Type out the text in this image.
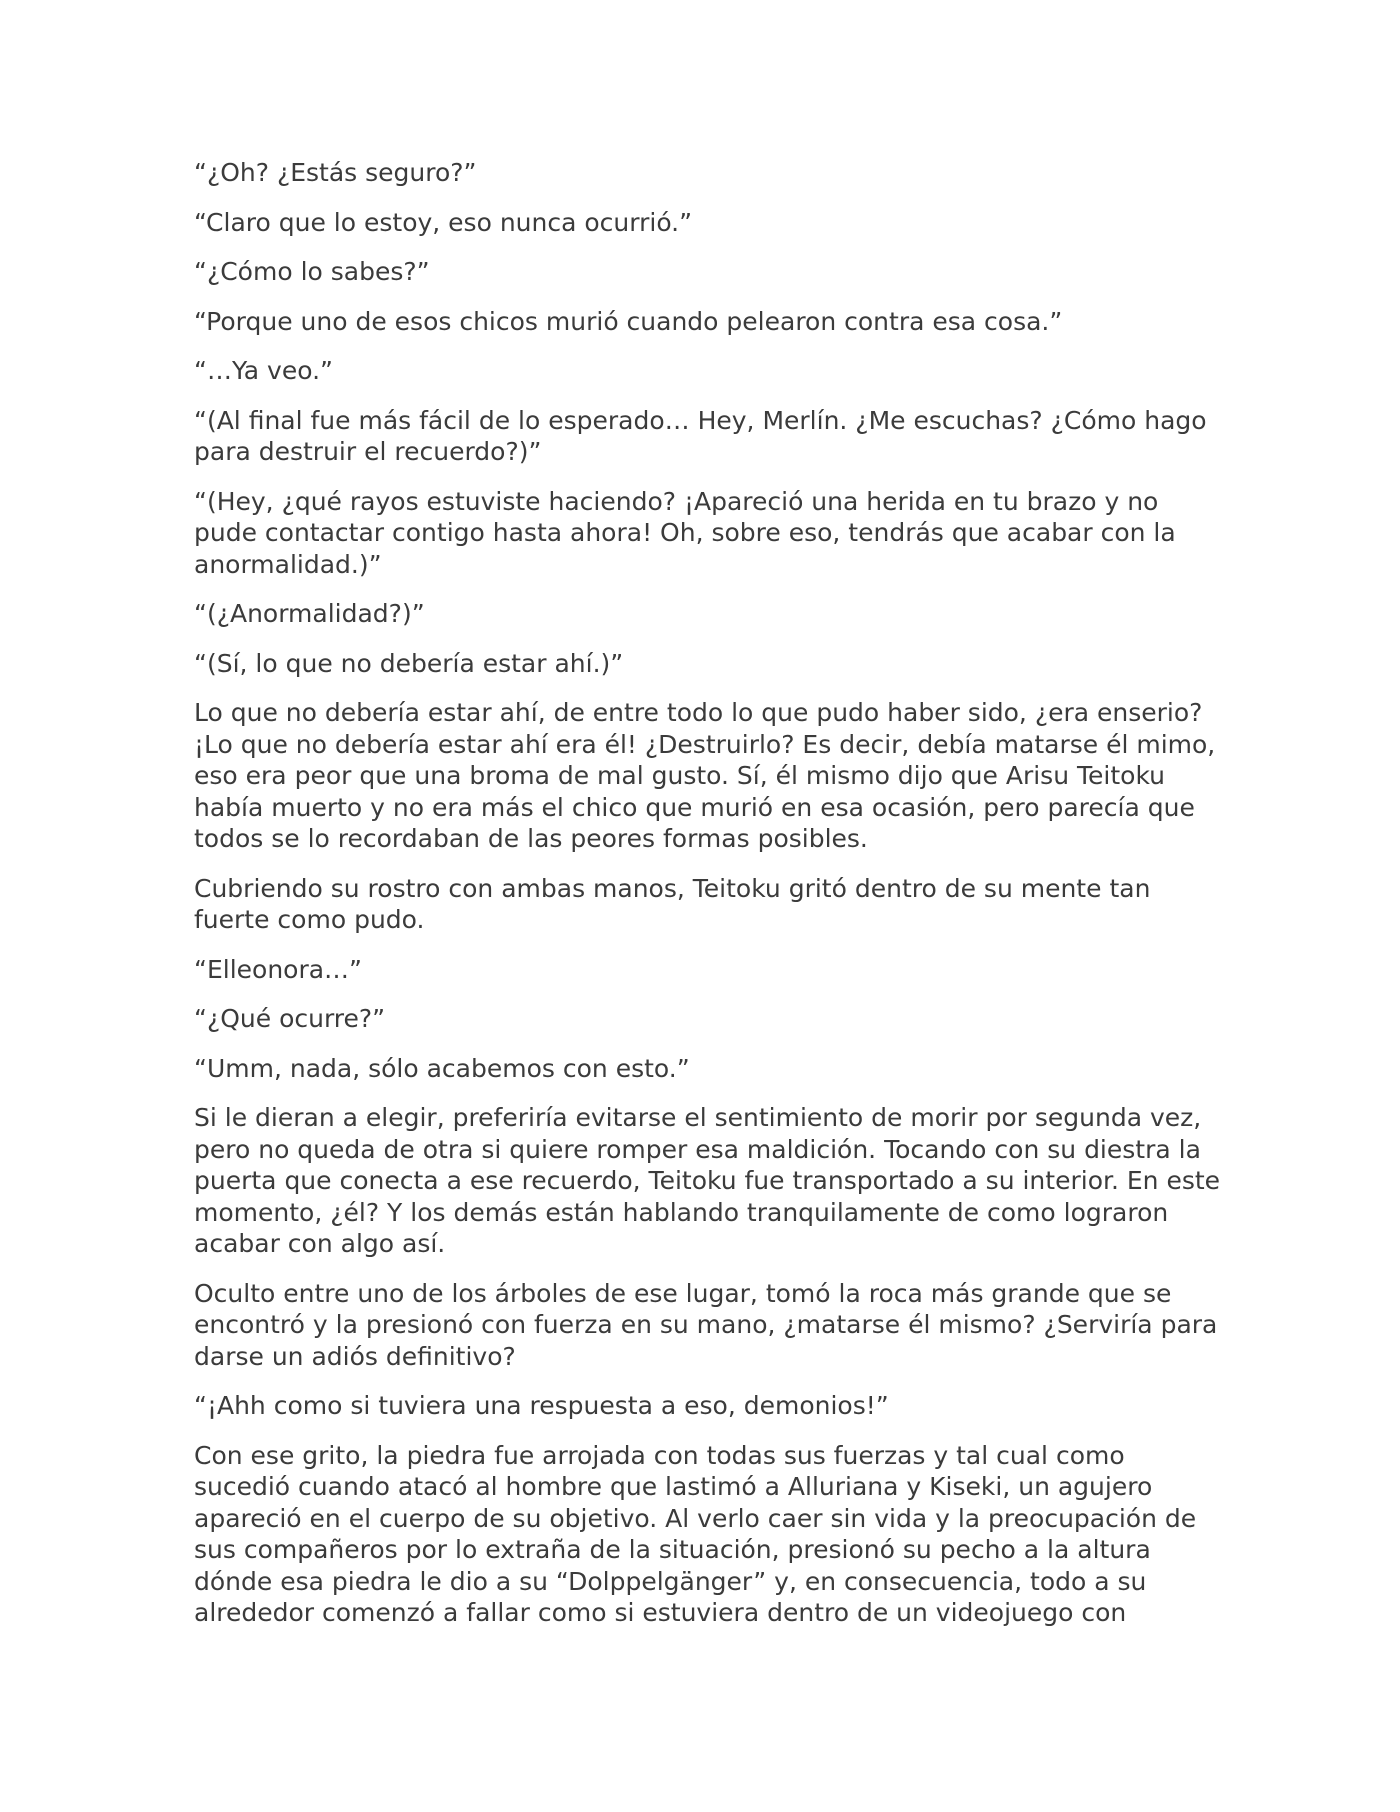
“¿Oh? ¿Estás seguro?”

“Claro que lo estoy, eso nunca ocurrió.”

“¿Cómo lo sabes?”

“Porque uno de esos chicos murió cuando pelearon contra esa cosa.”

“…Ya veo.”

“(Al final fue más fácil de lo esperado… Hey, Merlín. ¿Me escuchas? ¿Cómo hago para destruir el recuerdo?)”

“(Hey, ¿qué rayos estuviste haciendo? ¡Apareció una herida en tu brazo y no pude contactar contigo hasta ahora! Oh, sobre eso, tendrás que acabar con la anormalidad.)”

“(¿Anormalidad?)”

“(Sí, lo que no debería estar ahí.)”

Lo que no debería estar ahí, de entre todo lo que pudo haber sido, ¿era enserio? ¡Lo que no debería estar ahí era él! ¿Destruirlo? Es decir, debía matarse él mimo, eso era peor que una broma de mal gusto. Sí, él mismo dijo que Arisu Teitoku había muerto y no era más el chico que murió en esa ocasión, pero parecía que todos se lo recordaban de las peores formas posibles.

Cubriendo su rostro con ambas manos, Teitoku gritó dentro de su mente tan fuerte como pudo.

“Elleonora…”

“¿Qué ocurre?”

“Umm, nada, sólo acabemos con esto.”

Si le dieran a elegir, preferiría evitarse el sentimiento de morir por segunda vez, pero no queda de otra si quiere romper esa maldición. Tocando con su diestra la puerta que conecta a ese recuerdo, Teitoku fue transportado a su interior. En este momento, ¿él? Y los demás están hablando tranquilamente de como lograron acabar con algo así.

Oculto entre uno de los árboles de ese lugar, tomó la roca más grande que se encontró y la presionó con fuerza en su mano, ¿matarse él mismo? ¿Serviría para darse un adiós definitivo?

“¡Ahh como si tuviera una respuesta a eso, demonios!”

Con ese grito, la piedra fue arrojada con todas sus fuerzas y tal cual como sucedió cuando atacó al hombre que lastimó a Alluriana y Kiseki, un agujero apareció en el cuerpo de su objetivo. Al verlo caer sin vida y la preocupación de sus compañeros por lo extraña de la situación, presionó su pecho a la altura dónde esa piedra le dio a su “Dolppelgänger” y, en consecuencia, todo a su alrededor comenzó a fallar como si estuviera dentro de un videojuego con
